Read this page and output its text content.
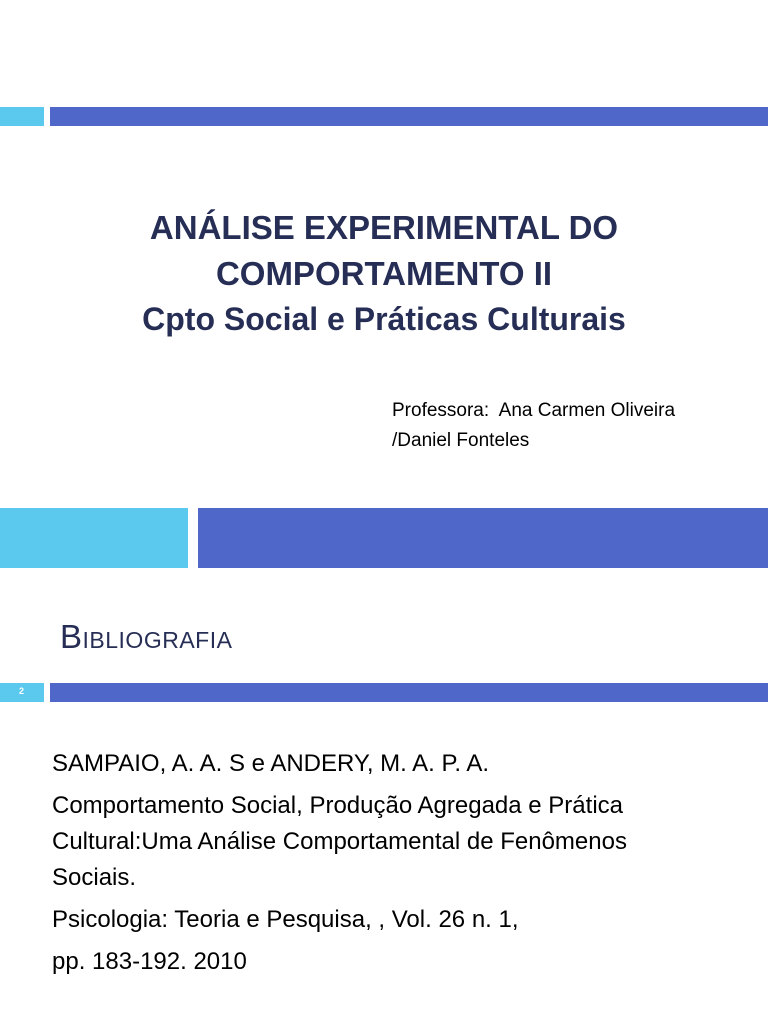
ANÁLISE EXPERIMENTAL DO
COMPORTAMENTO II
Cpto Social e Práticas Culturais
Professora:  Ana Carmen Oliveira
/Daniel Fonteles
Bibliografia
2

SAMPAIO, A. A. S e ANDERY, M. A. P. A.

Comportamento Social, Produção Agregada e Prática
Cultural:Uma Análise Comportamental de Fenômenos
Sociais.

Psicologia: Teoria e Pesquisa, , Vol. 26 n. 1,

pp. 183-192. 2010
